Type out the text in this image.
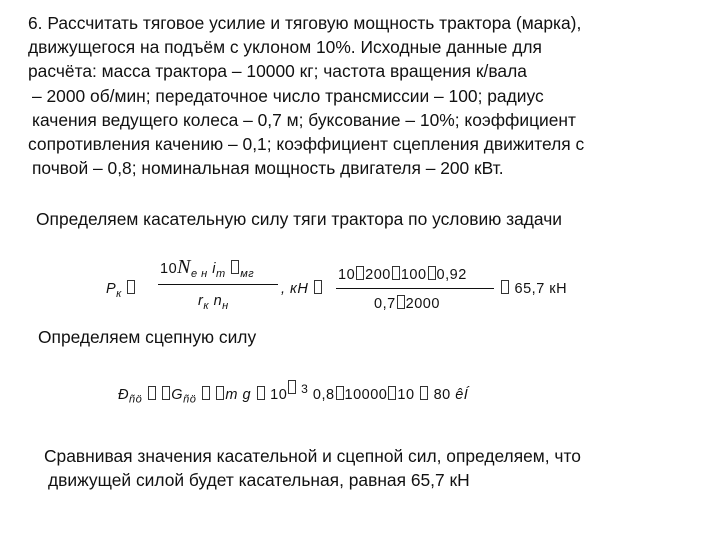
6. Рассчитать тяговое усилие и тяговую мощность трактора (марка),
движущегося на подъём с уклоном 10%. Исходные данные для
расчёта: масса трактора – 10000 кг; частота вращения к/вала
– 2000 об/мин; передаточное число трансмиссии – 100; радиус
качения ведущего колеса – 0,7 м; буксование – 10%; коэффициент
сопротивления качению – 0,1; коэффициент сцепления движителя с
почвой – 0,8; номинальная мощность двигателя – 200 кВт.
Определяем касательную силу тяги трактора по условию задачи
$P_к$
$10N_{е н}$ $i_т$ $_{мг}$
$r_к$ $n_н$
, кН
10 200 100 0,92
0,7 2000
65,7 кН
Определяем сцепную силу
$Ð_{ñö}$ $G_{ñö}$ m g 10 $^3$ 0,8 10000 10 80 êÍ
Сравнивая значения касательной и сцепной сил, определяем, что
движущей силой будет касательная, равная 65,7 кН
